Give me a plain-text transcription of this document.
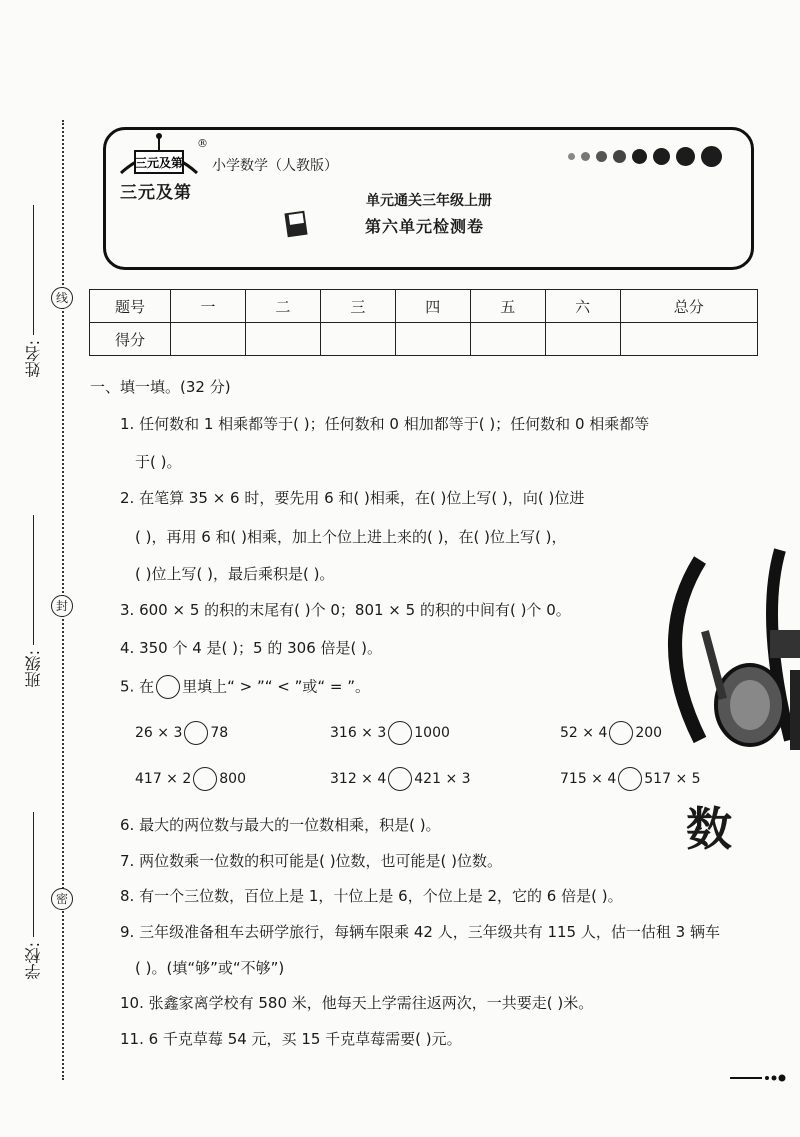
姓名:
班级:
学校:
线
封
密
三元及第
三元及第
®
小学数学（人教版）
单元通关三年级上册
第六单元检测卷
题号	一	二	三	四	五	六	总分
得分							
一、填一填。(32 分)
1. 任何数和 1 相乘都等于( )；任何数和 0 相加都等于( )；任何数和 0 相乘都等
于( )。
2. 在笔算 35 × 6 时，要先用 6 和( )相乘，在( )位上写( )，向( )位进
( )，再用 6 和( )相乘，加上个位上进上来的( )，在( )位上写( )，
( )位上写( )，最后乘积是( )。
3. 600 × 5 的积的末尾有( )个 0；801 × 5 的积的中间有( )个 0。
4. 350 个 4 是( )；5 的 306 倍是( )。
5. 在 里填上“ > ”“ < ”或“ = ”。
26 × 3 78	316 × 3 1000	52 × 4 200
417 × 2 800	312 × 4 421 × 3	715 × 4 517 × 5
6. 最大的两位数与最大的一位数相乘，积是( )。
7. 两位数乘一位数的积可能是( )位数，也可能是( )位数。
8. 有一个三位数，百位上是 1，十位上是 6，个位上是 2，它的 6 倍是( )。
9. 三年级准备租车去研学旅行，每辆车限乘 42 人，三年级共有 115 人，估一估租 3 辆车
( )。(填“够”或“不够”)
10. 张鑫家离学校有 580 米，他每天上学需往返两次，一共要走( )米。
11. 6 千克草莓 54 元，买 15 千克草莓需要( )元。
数
